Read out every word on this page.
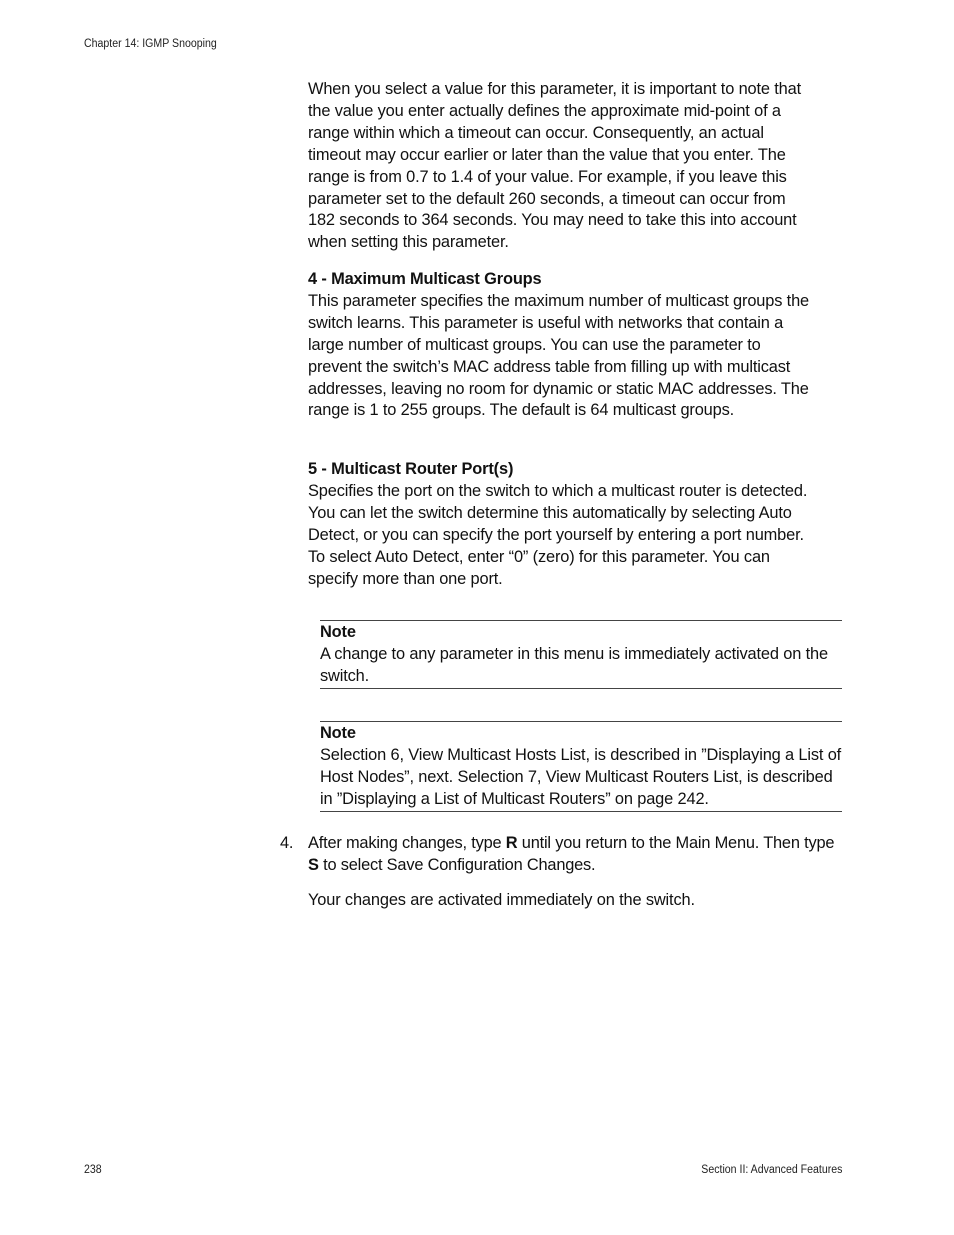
Chapter 14: IGMP Snooping

When you select a value for this parameter, it is important to note that the value you enter actually defines the approximate mid-point of a range within which a timeout can occur. Consequently, an actual timeout may occur earlier or later than the value that you enter. The range is from 0.7 to 1.4 of your value. For example, if you leave this parameter set to the default 260 seconds, a timeout can occur from 182 seconds to 364 seconds. You may need to take this into account when setting this parameter.

4 - Maximum Multicast Groups

This parameter specifies the maximum number of multicast groups the switch learns. This parameter is useful with networks that contain a large number of multicast groups. You can use the parameter to prevent the switch’s MAC address table from filling up with multicast addresses, leaving no room for dynamic or static MAC addresses. The range is 1 to 255 groups. The default is 64 multicast groups.

5 - Multicast Router Port(s)

Specifies the port on the switch to which a multicast router is detected. You can let the switch determine this automatically by selecting Auto Detect, or you can specify the port yourself by entering a port number. To select Auto Detect, enter “0” (zero) for this parameter. You can specify more than one port.

Note
A change to any parameter in this menu is immediately activated on the switch.
Note
Selection 6, View Multicast Hosts List, is described in ”Displaying a List of Host Nodes”, next. Selection 7, View Multicast Routers List, is described in ”Displaying a List of Multicast Routers” on page 242.
4. After making changes, type R until you return to the Main Menu. Then type S to select Save Configuration Changes.

Your changes are activated immediately on the switch.

238	Section II: Advanced Features
